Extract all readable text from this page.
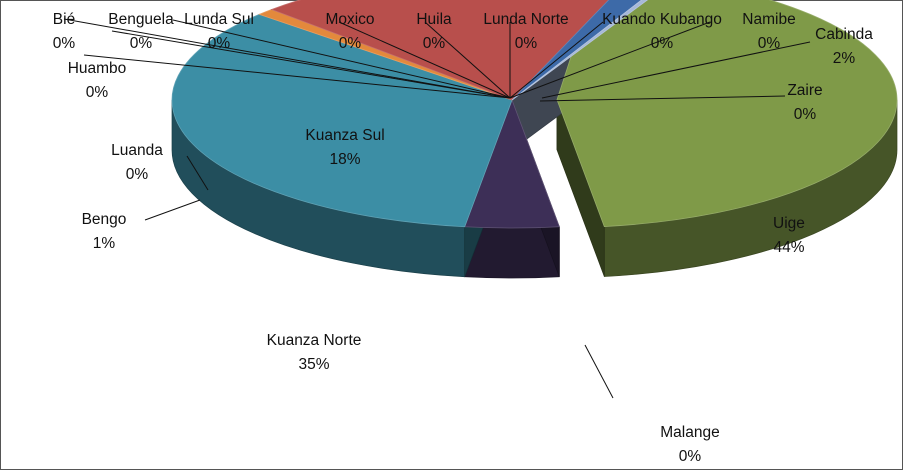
Bié
0%
Benguela
0%
Lunda Sul
0%
Moxico
0%
Huila
0%
Lunda Norte
0%
Kuando Kubango
0%
Namibe
0%
Cabinda
2%
Zaire
0%
Uige
44%
Malange
0%
Kuanza Norte
35%
Bengo
1%
Luanda
0%
Kuanza Sul
18%
Huambo
0%
